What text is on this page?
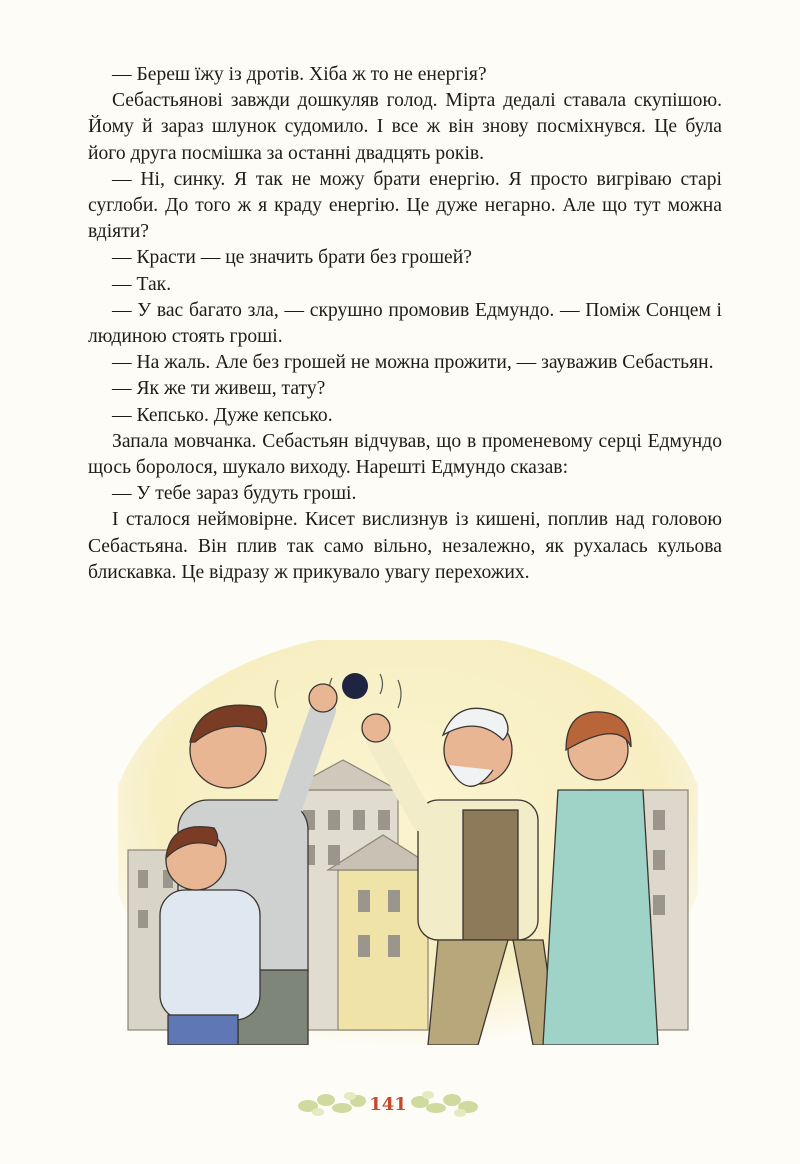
— Береш їжу із дротів. Хіба ж то не енергія?

Себастьянові завжди дошкуляв голод. Мірта дедалі ставала скупішою. Йому й зараз шлунок судомило. І все ж він знову посміхнувся. Це була його друга посмішка за останні двадцять років.

— Ні, синку. Я так не можу брати енергію. Я просто вигріваю старі суглоби. До того ж я краду енергію. Це дуже негарно. Але що тут можна вдіяти?

— Красти — це значить брати без грошей?

— Так.

— У вас багато зла, — скрушно промовив Едмундо. — Поміж Сонцем і людиною стоять гроші.

— На жаль. Але без грошей не можна прожити, — зауважив Себастьян.

— Як же ти живеш, тату?

— Кепсько. Дуже кепсько.

Запала мовчанка. Себастьян відчував, що в променевому серці Едмундо щось боролося, шукало виходу. Нарешті Едмундо сказав:

— У тебе зараз будуть гроші.

І сталося неймовірне. Кисет вислизнув із кишені, поплив над головою Себастьяна. Він плив так само вільно, незалежно, як рухалась кульова блискавка. Це відразу ж прикувало увагу перехожих.

141
